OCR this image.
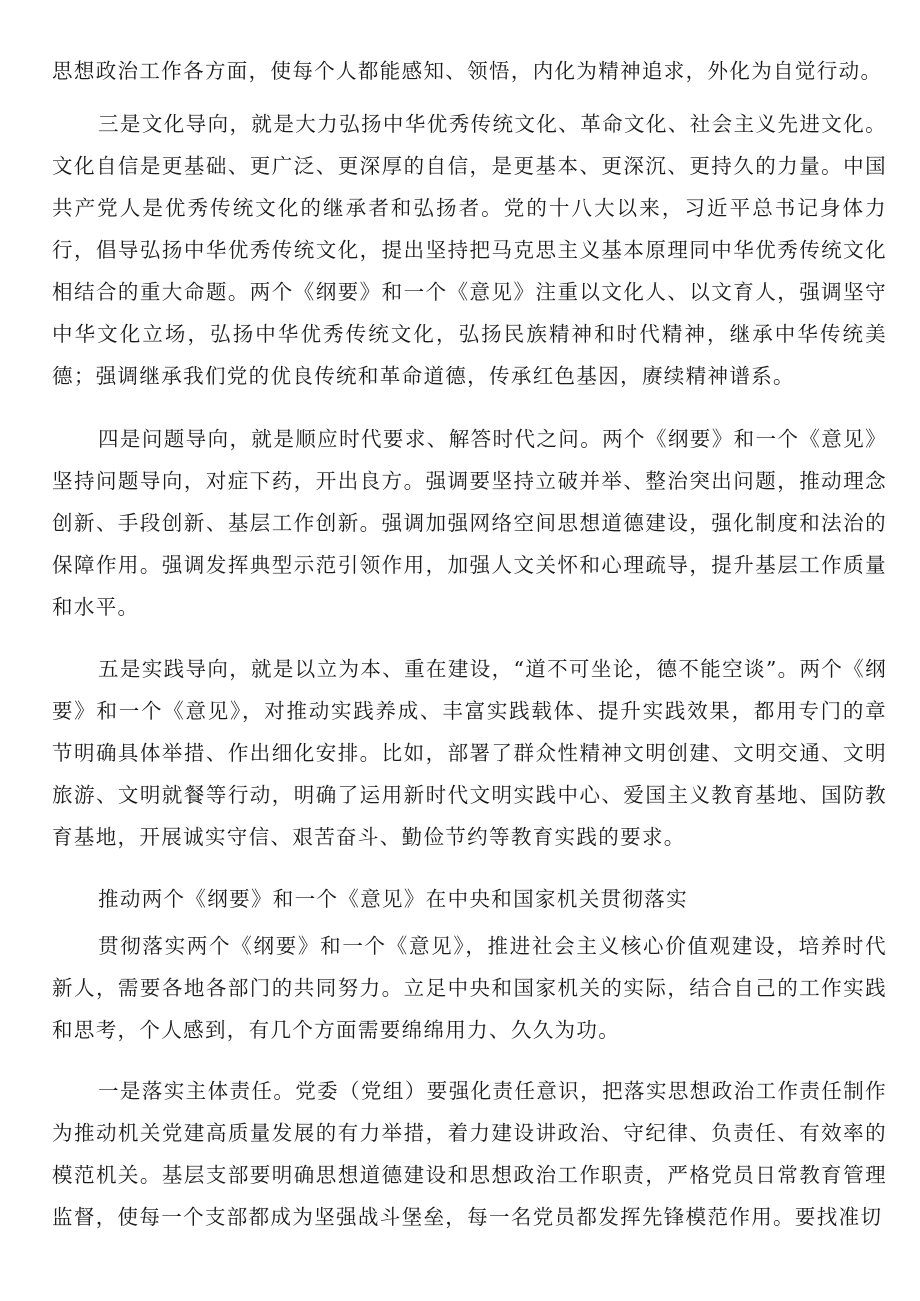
思想政治工作各方面，使每个人都能感知、领悟，内化为精神追求，外化为自觉行动。

三是文化导向，就是大力弘扬中华优秀传统文化、革命文化、社会主义先进文化。文化自信是更基础、更广泛、更深厚的自信，是更基本、更深沉、更持久的力量。中国共产党人是优秀传统文化的继承者和弘扬者。党的十八大以来，习近平总书记身体力行，倡导弘扬中华优秀传统文化，提出坚持把马克思主义基本原理同中华优秀传统文化相结合的重大命题。两个《纲要》和一个《意见》注重以文化人、以文育人，强调坚守中华文化立场，弘扬中华优秀传统文化，弘扬民族精神和时代精神，继承中华传统美德；强调继承我们党的优良传统和革命道德，传承红色基因，赓续精神谱系。

四是问题导向，就是顺应时代要求、解答时代之问。两个《纲要》和一个《意见》坚持问题导向，对症下药，开出良方。强调要坚持立破并举、整治突出问题，推动理念创新、手段创新、基层工作创新。强调加强网络空间思想道德建设，强化制度和法治的保障作用。强调发挥典型示范引领作用，加强人文关怀和心理疏导，提升基层工作质量和水平。

五是实践导向，就是以立为本、重在建设，“道不可坐论，德不能空谈”。两个《纲要》和一个《意见》，对推动实践养成、丰富实践载体、提升实践效果，都用专门的章节明确具体举措、作出细化安排。比如，部署了群众性精神文明创建、文明交通、文明旅游、文明就餐等行动，明确了运用新时代文明实践中心、爱国主义教育基地、国防教育基地，开展诚实守信、艰苦奋斗、勤俭节约等教育实践的要求。

推动两个《纲要》和一个《意见》在中央和国家机关贯彻落实

贯彻落实两个《纲要》和一个《意见》，推进社会主义核心价值观建设，培养时代新人，需要各地各部门的共同努力。立足中央和国家机关的实际，结合自己的工作实践和思考，个人感到，有几个方面需要绵绵用力、久久为功。

一是落实主体责任。党委（党组）要强化责任意识，把落实思想政治工作责任制作为推动机关党建高质量发展的有力举措，着力建设讲政治、守纪律、负责任、有效率的模范机关。基层支部要明确思想道德建设和思想政治工作职责，严格党员日常教育管理监督，使每一个支部都成为坚强战斗堡垒，每一名党员都发挥先锋模范作用。要找准切
